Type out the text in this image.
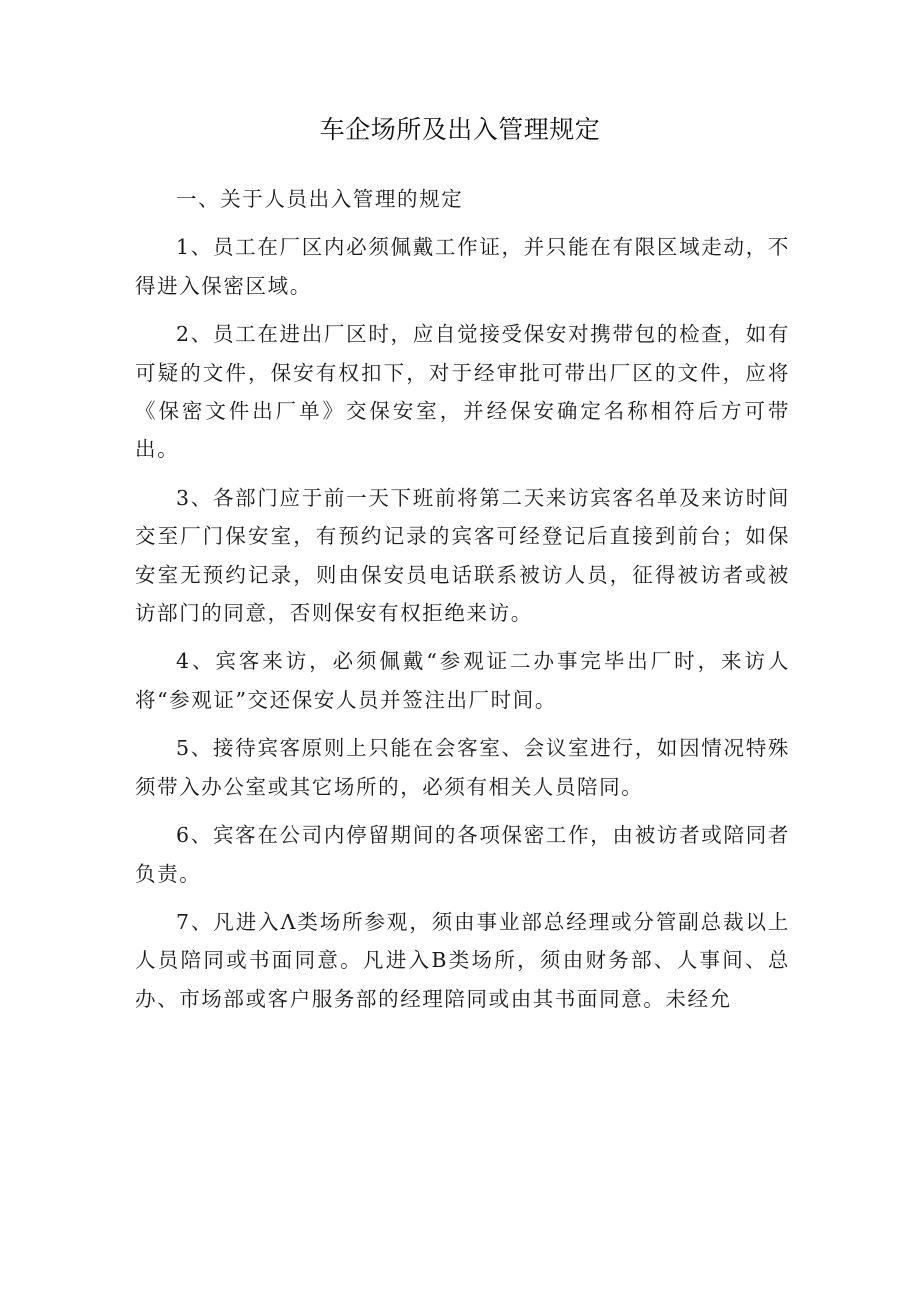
车企场所及出入管理规定

一、关于人员出入管理的规定

1、员工在厂区内必须佩戴工作证，并只能在有限区域走动，不得进入保密区域。

2、员工在进出厂区时，应自觉接受保安对携带包的检查，如有可疑的文件，保安有权扣下，对于经审批可带出厂区的文件，应将《保密文件出厂单》交保安室，并经保安确定名称相符后方可带出。

3、各部门应于前一天下班前将第二天来访宾客名单及来访时间交至厂门保安室，有预约记录的宾客可经登记后直接到前台；如保安室无预约记录，则由保安员电话联系被访人员，征得被访者或被访部门的同意，否则保安有权拒绝来访。

4、宾客来访，必须佩戴“参观证二办事完毕出厂时，来访人将“参观证”交还保安人员并签注出厂时间。

5、接待宾客原则上只能在会客室、会议室进行，如因情况特殊须带入办公室或其它场所的，必须有相关人员陪同。

6、宾客在公司内停留期间的各项保密工作，由被访者或陪同者负责。

7、凡进入Λ类场所参观，须由事业部总经理或分管副总裁以上人员陪同或书面同意。凡进入B类场所，须由财务部、人事间、总办、市场部或客户服务部的经理陪同或由其书面同意。未经允
